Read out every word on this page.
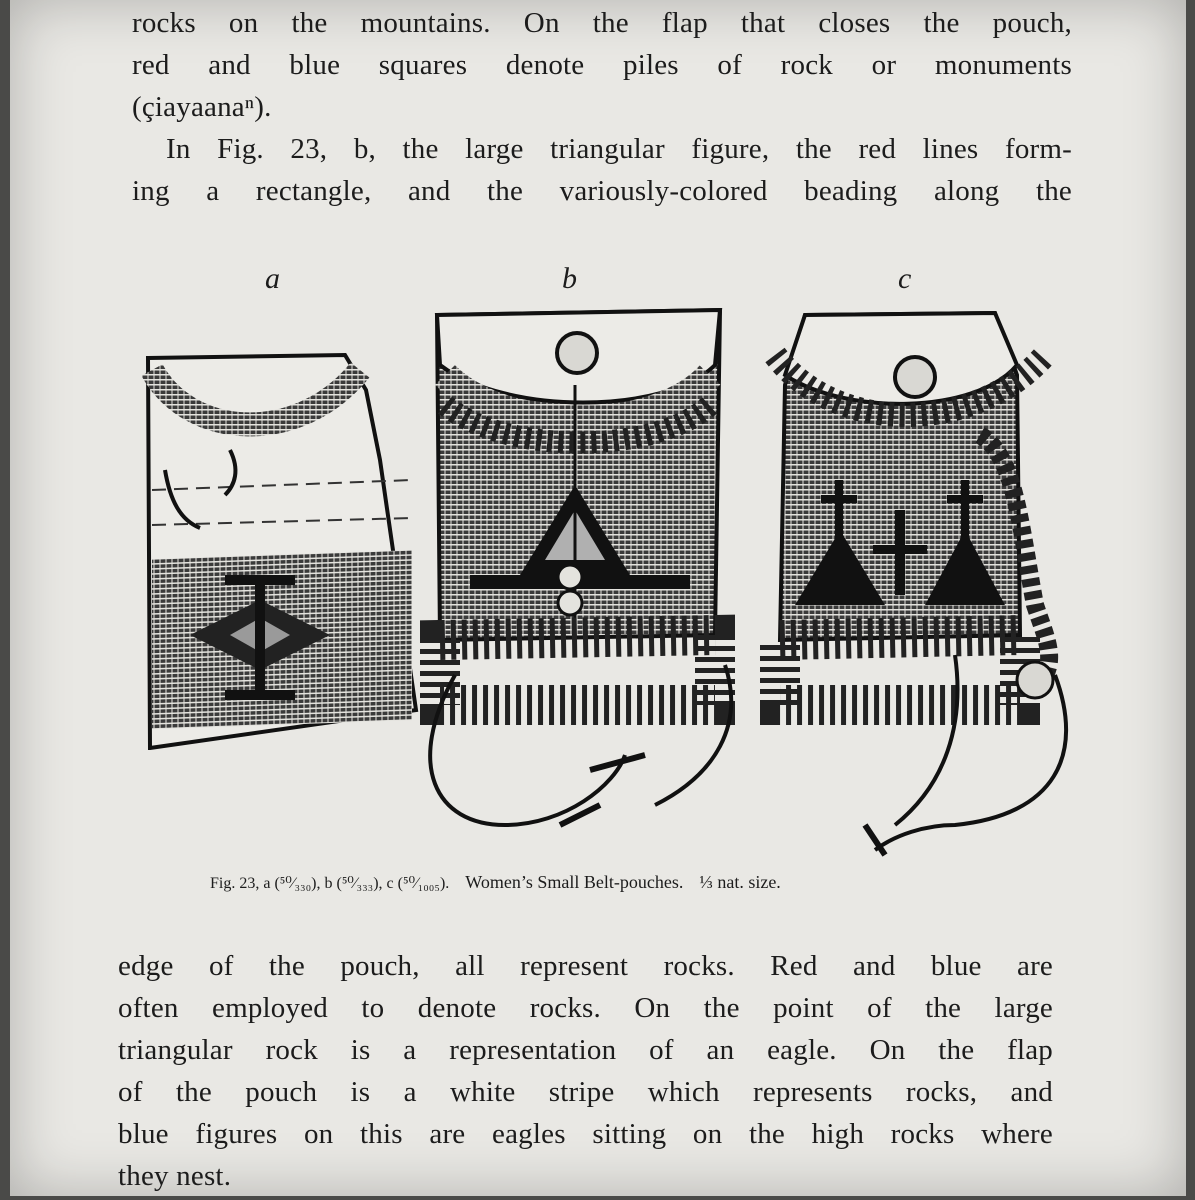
rocks on the mountains. On the flap that closes the pouch,
red and blue squares denote piles of rock or monuments
(çiayaanaⁿ).
In Fig. 23, b, the large triangular figure, the red lines form-
ing a rectangle, and the variously-colored beading along the
a	b	c
Fig. 23, a (⁵⁰⁄₃₃₀), b (⁵⁰⁄₃₃₃), c (⁵⁰⁄₁₀₀₅). Women’s Small Belt-pouches. ⅓ nat. size.
edge of the pouch, all represent rocks. Red and blue are
often employed to denote rocks. On the point of the large
triangular rock is a representation of an eagle. On the flap
of the pouch is a white stripe which represents rocks, and
blue figures on this are eagles sitting on the high rocks where
they nest.
